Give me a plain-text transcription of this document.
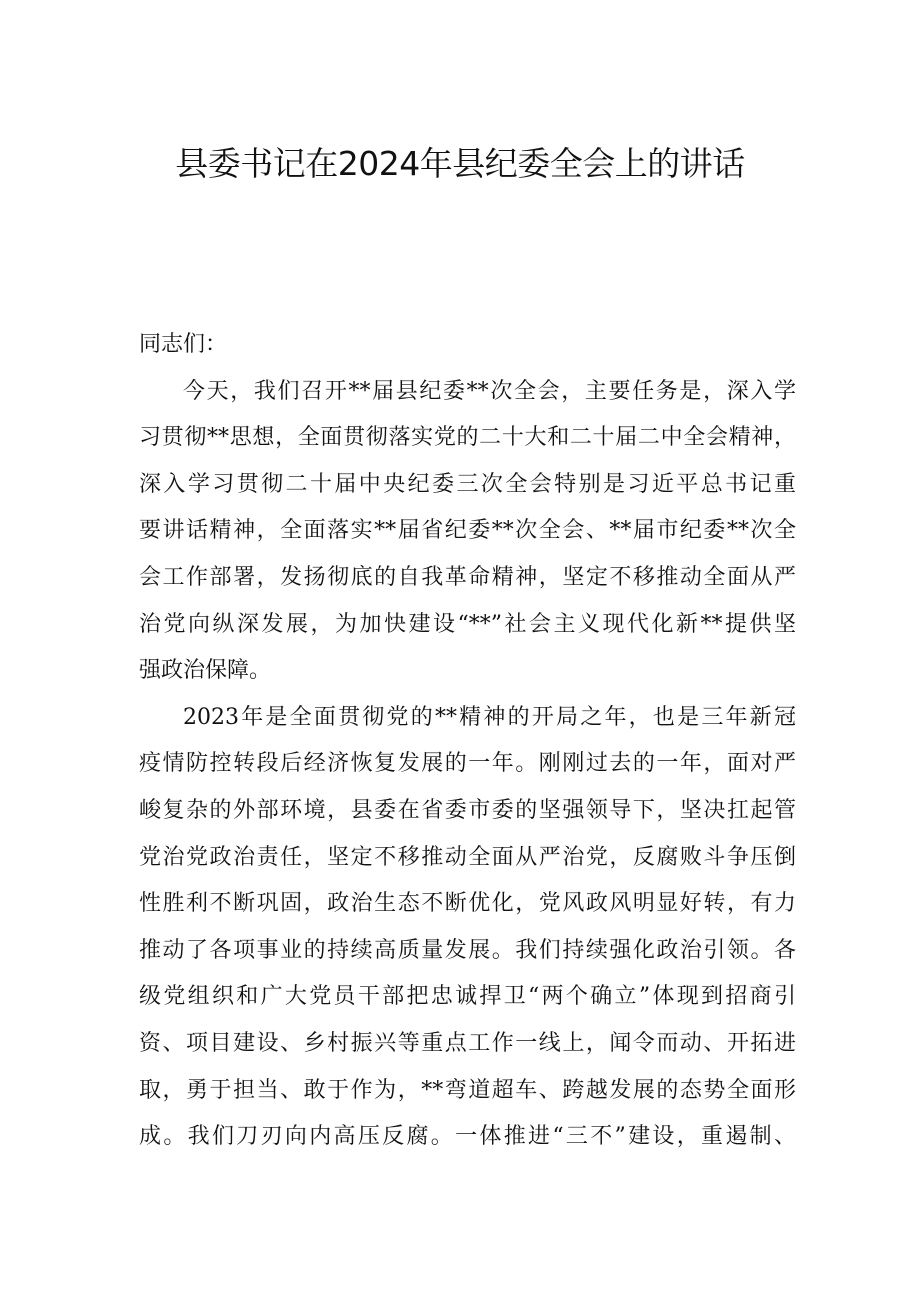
县委书记在2024年县纪委全会上的讲话

同志们：

今天，我们召开**届县纪委**次全会，主要任务是，深入学
习贯彻**思想，全面贯彻落实党的二十大和二十届二中全会精神，
深入学习贯彻二十届中央纪委三次全会特别是习近平总书记重
要讲话精神，全面落实**届省纪委**次全会、**届市纪委**次全
会工作部署，发扬彻底的自我革命精神，坚定不移推动全面从严
治党向纵深发展，为加快建设“**”社会主义现代化新**提供坚
强政治保障。

2023年是全面贯彻党的**精神的开局之年，也是三年新冠
疫情防控转段后经济恢复发展的一年。刚刚过去的一年，面对严
峻复杂的外部环境，县委在省委市委的坚强领导下，坚决扛起管
党治党政治责任，坚定不移推动全面从严治党，反腐败斗争压倒
性胜利不断巩固，政治生态不断优化，党风政风明显好转，有力
推动了各项事业的持续高质量发展。我们持续强化政治引领。各
级党组织和广大党员干部把忠诚捍卫“两个确立”体现到招商引
资、项目建设、乡村振兴等重点工作一线上，闻令而动、开拓进
取，勇于担当、敢于作为，**弯道超车、跨越发展的态势全面形
成。我们刀刃向内高压反腐。一体推进“三不”建设，重遏制、
